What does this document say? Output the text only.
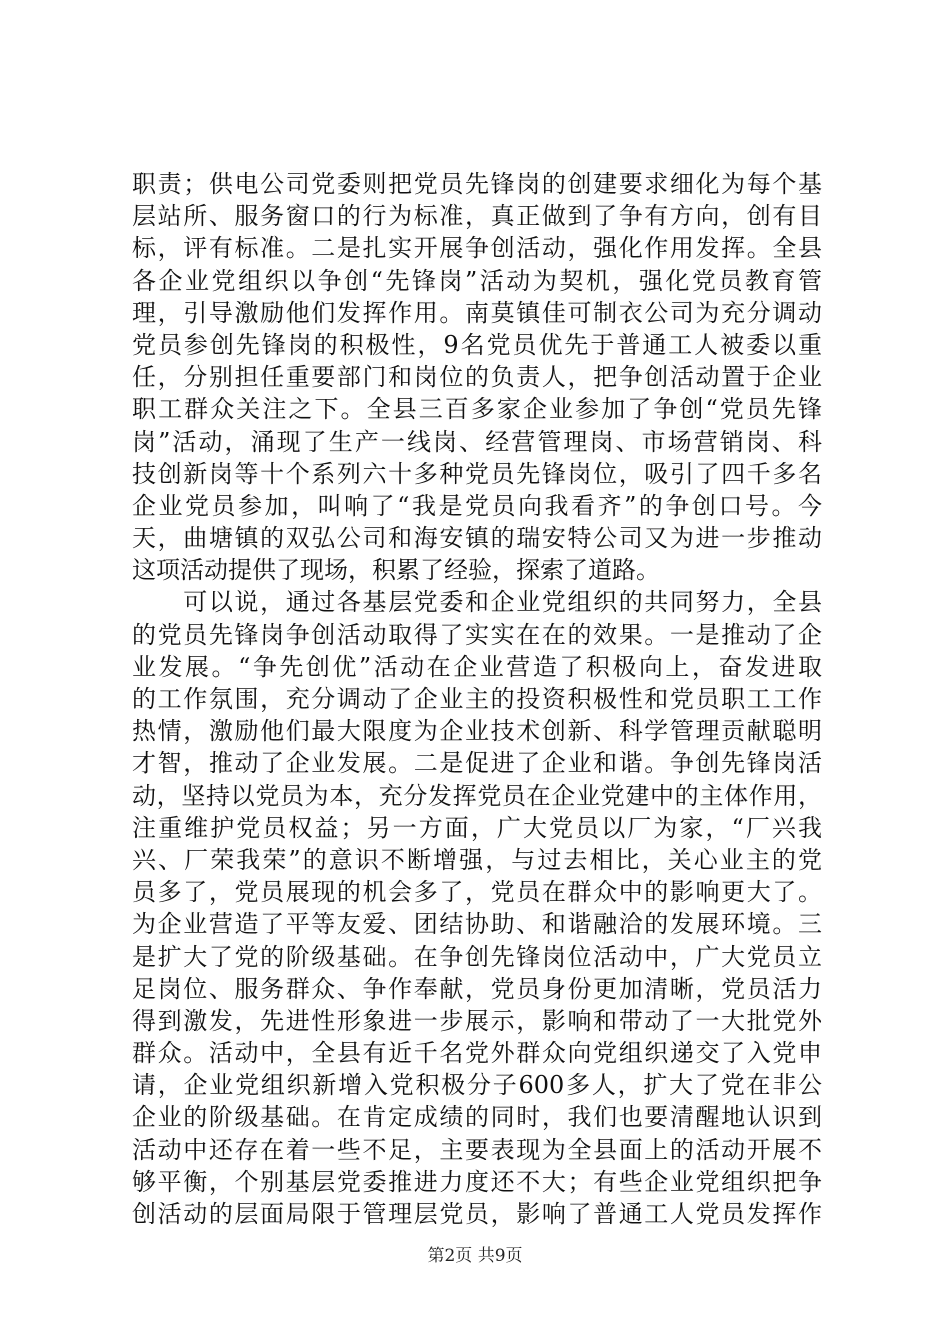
职责；供电公司党委则把党员先锋岗的创建要求细化为每个基
层站所、服务窗口的行为标准，真正做到了争有方向，创有目
标，评有标准。二是扎实开展争创活动，强化作用发挥。全县
各企业党组织以争创“先锋岗”活动为契机，强化党员教育管
理，引导激励他们发挥作用。南莫镇佳可制衣公司为充分调动
党员参创先锋岗的积极性，9名党员优先于普通工人被委以重
任，分别担任重要部门和岗位的负责人，把争创活动置于企业
职工群众关注之下。全县三百多家企业参加了争创“党员先锋
岗”活动，涌现了生产一线岗、经营管理岗、市场营销岗、科
技创新岗等十个系列六十多种党员先锋岗位，吸引了四千多名
企业党员参加，叫响了“我是党员向我看齐”的争创口号。今
天，曲塘镇的双弘公司和海安镇的瑞安特公司又为进一步推动
这项活动提供了现场，积累了经验，探索了道路。
　　可以说，通过各基层党委和企业党组织的共同努力，全县
的党员先锋岗争创活动取得了实实在在的效果。一是推动了企
业发展。“争先创优”活动在企业营造了积极向上，奋发进取
的工作氛围，充分调动了企业主的投资积极性和党员职工工作
热情，激励他们最大限度为企业技术创新、科学管理贡献聪明
才智，推动了企业发展。二是促进了企业和谐。争创先锋岗活
动，坚持以党员为本，充分发挥党员在企业党建中的主体作用，
注重维护党员权益；另一方面，广大党员以厂为家，“厂兴我
兴、厂荣我荣”的意识不断增强，与过去相比，关心业主的党
员多了，党员展现的机会多了，党员在群众中的影响更大了。
为企业营造了平等友爱、团结协助、和谐融洽的发展环境。三
是扩大了党的阶级基础。在争创先锋岗位活动中，广大党员立
足岗位、服务群众、争作奉献，党员身份更加清晰，党员活力
得到激发，先进性形象进一步展示，影响和带动了一大批党外
群众。活动中，全县有近千名党外群众向党组织递交了入党申
请，企业党组织新增入党积极分子600多人，扩大了党在非公
企业的阶级基础。在肯定成绩的同时，我们也要清醒地认识到
活动中还存在着一些不足，主要表现为全县面上的活动开展不
够平衡，个别基层党委推进力度还不大；有些企业党组织把争
创活动的层面局限于管理层党员，影响了普通工人党员发挥作
第2页 共9页
